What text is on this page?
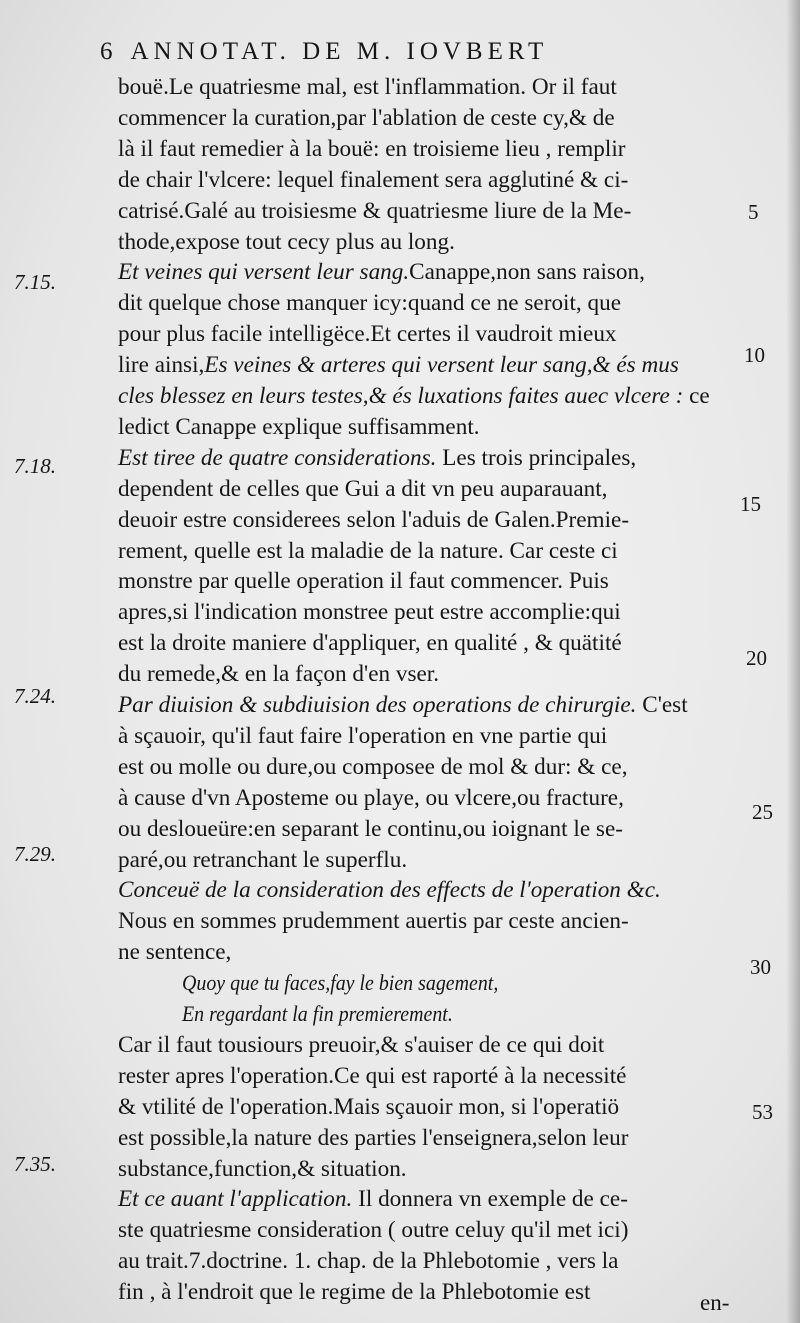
6 ANNOTAT. DE M. IOVBERT
bouë.Le quatriesme mal, est l'inflammation. Or il faut
commencer la curation,par l'ablation de ceste cy,& de
là il faut remedier à la bouë: en troisieme lieu , remplir
de chair l'vlcere: lequel finalement sera agglutiné & ci-
catrisé.Galé au troisiesme & quatriesme liure de la Me-
thode,expose tout cecy plus au long.
Et veines qui versent leur sang.Canappe,non sans raison,
dit quelque chose manquer icy:quand ce ne seroit, que
pour plus facile intelligëce.Et certes il vaudroit mieux
lire ainsi,Es veines & arteres qui versent leur sang,& és mus
cles blessez en leurs testes,& és luxations faites auec vlcere : ce
ledict Canappe explique suffisamment.
Est tiree de quatre considerations. Les trois principales,
dependent de celles que Gui a dit vn peu auparauant,
deuoir estre considerees selon l'aduis de Galen.Premie-
rement, quelle est la maladie de la nature. Car ceste ci
monstre par quelle operation il faut commencer. Puis
apres,si l'indication monstree peut estre accomplie:qui
est la droite maniere d'appliquer, en qualité , & quätité
du remede,& en la façon d'en vser.
Par diuision & subdiuision des operations de chirurgie. C'est
à sçauoir, qu'il faut faire l'operation en vne partie qui
est ou molle ou dure,ou composee de mol & dur: & ce,
à cause d'vn Aposteme ou playe, ou vlcere,ou fracture,
ou desloueüre:en separant le continu,ou ioignant le se-
paré,ou retranchant le superflu.
Conceuë de la consideration des effects de l'operation &c.
Nous en sommes prudemment auertis par ceste ancien-
ne sentence,
Quoy que tu faces,fay le bien sagement,
En regardant la fin premierement.
Car il faut tousiours preuoir,& s'auiser de ce qui doit
rester apres l'operation.Ce qui est raporté à la necessité
& vtilité de l'operation.Mais sçauoir mon, si l'operatiö
est possible,la nature des parties l'enseignera,selon leur
substance,function,& situation.
Et ce auant l'application. Il donnera vn exemple de ce-
ste quatriesme consideration ( outre celuy qu'il met ici)
au trait.7.doctrine. 1. chap. de la Phlebotomie , vers la
fin , à l'endroit que le regime de la Phlebotomie est
7.15.
7.18.
7.24.
7.29.
7.35.
5
10
15
20
25
30
53
en-
